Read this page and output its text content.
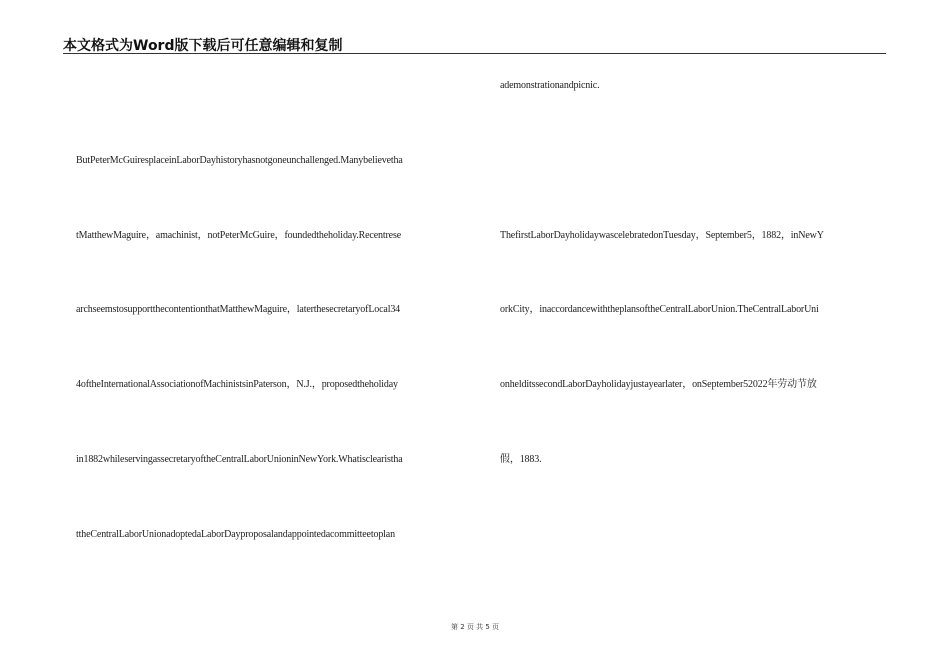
本文格式为Word版下载后可任意编辑和复制
ButPeterMcGuiresplaceinLaborDayhistoryhasnotgoneunchallenged.Manybelievetha
tMatthewMaguire，amachinist，notPeterMcGuire，foundedtheholiday.Recentrese
archseemstosupportthecontentionthatMatthewMaguire，laterthesecretaryofLocal34
4oftheInternationalAssociationofMachinistsinPaterson，N.J.，proposedtheholiday
in1882whileservingassecretaryoftheCentralLaborUnioninNewYork.Whatisclearistha
ttheCentralLaborUnionadoptedaLaborDayproposalandappointedacommitteetoplan
ademonstrationandpicnic.
ThefirstLaborDayholidaywascelebratedonTuesday，September5，1882，inNewY
orkCity，inaccordancewiththeplansoftheCentralLaborUnion.TheCentralLaborUni
onhelditssecondLaborDayholidayjustayearlater，onSeptember52022年劳动节放
假，1883.
第 2 页 共 5 页
